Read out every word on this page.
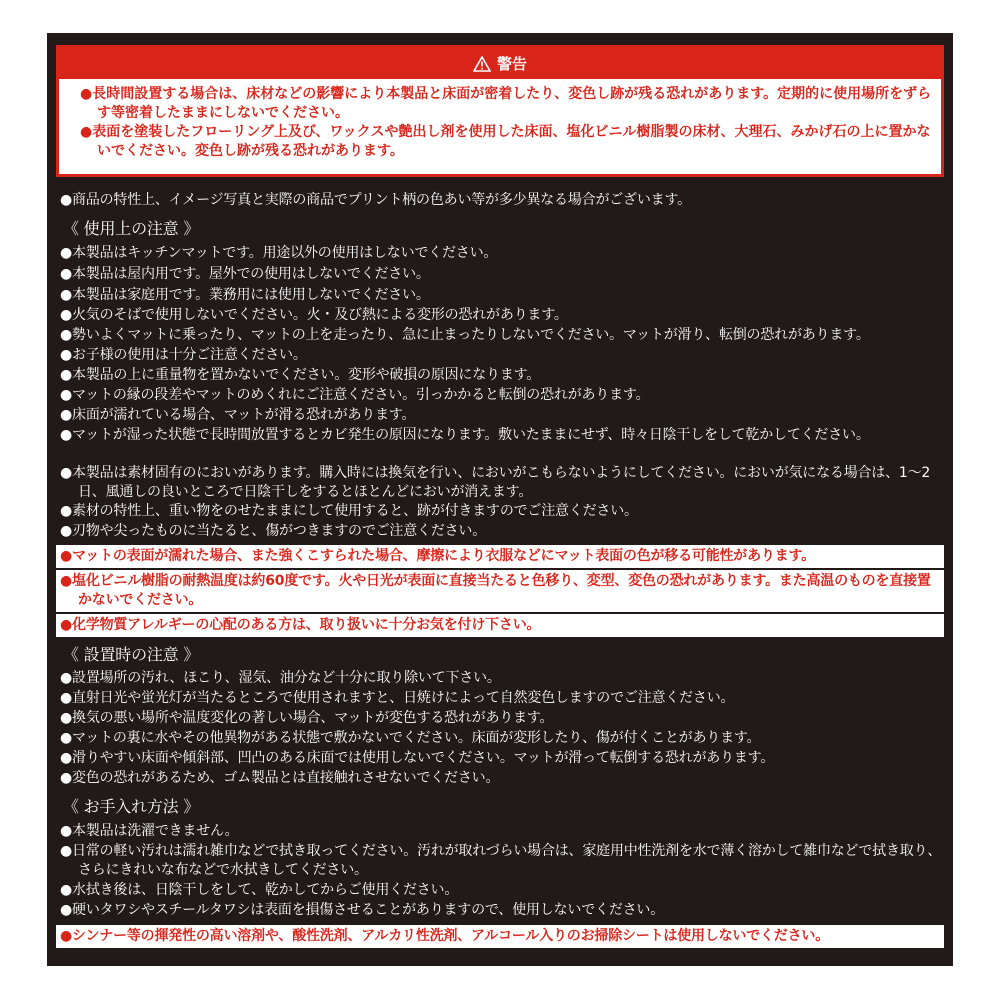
警告

●長時間設置する場合は、床材などの影響により本製品と床面が密着したり、変色し跡が残る恐れがあります。定期的に使用場所をずらす等密着したままにしないでください。

●表面を塗装したフローリング上及び、ワックスや艶出し剤を使用した床面、塩化ビニル樹脂製の床材、大理石、みかげ石の上に置かないでください。変色し跡が残る恐れがあります。

●商品の特性上、イメージ写真と実際の商品でプリント柄の色あい等が多少異なる場合がございます。
《 使用上の注意 》
●本製品はキッチンマットです。用途以外の使用はしないでください。
●本製品は屋内用です。屋外での使用はしないでください。
●本製品は家庭用です。業務用には使用しないでください。
●火気のそばで使用しないでください。火・及び熱による変形の恐れがあります。
●勢いよくマットに乗ったり、マットの上を走ったり、急に止まったりしないでください。マットが滑り、転倒の恐れがあります。
●お子様の使用は十分ご注意ください。
●本製品の上に重量物を置かないでください。変形や破損の原因になります。
●マットの縁の段差やマットのめくれにご注意ください。引っかかると転倒の恐れがあります。
●床面が濡れている場合、マットが滑る恐れがあります。
●マットが湿った状態で長時間放置するとカビ発生の原因になります。敷いたままにせず、時々日陰干しをして乾かしてください。
●本製品は素材固有のにおいがあります。購入時には換気を行い、においがこもらないようにしてください。においが気になる場合は、1〜2日、風通しの良いところで日陰干しをするとほとんどにおいが消えます。
●素材の特性上、重い物をのせたままにして使用すると、跡が付きますのでご注意ください。
●刃物や尖ったものに当たると、傷がつきますのでご注意ください。
●マットの表面が濡れた場合、また強くこすられた場合、摩擦により衣服などにマット表面の色が移る可能性があります。
●塩化ビニル樹脂の耐熱温度は約60度です。火や日光が表面に直接当たると色移り、変型、変色の恐れがあります。また高温のものを直接置かないでください。
●化学物質アレルギーの心配のある方は、取り扱いに十分お気を付け下さい。
《 設置時の注意 》
●設置場所の汚れ、ほこり、湿気、油分など十分に取り除いて下さい。
●直射日光や蛍光灯が当たるところで使用されますと、日焼けによって自然変色しますのでご注意ください。
●換気の悪い場所や温度変化の著しい場合、マットが変色する恐れがあります。
●マットの裏に水やその他異物がある状態で敷かないでください。床面が変形したり、傷が付くことがあります。
●滑りやすい床面や傾斜部、凹凸のある床面では使用しないでください。マットが滑って転倒する恐れがあります。
●変色の恐れがあるため、ゴム製品とは直接触れさせないでください。
《 お手入れ方法 》
●本製品は洗濯できません。
●日常の軽い汚れは濡れ雑巾などで拭き取ってください。汚れが取れづらい場合は、家庭用中性洗剤を水で薄く溶かして雑巾などで拭き取り、さらにきれいな布などで水拭きしてください。
●水拭き後は、日陰干しをして、乾かしてからご使用ください。
●硬いタワシやスチールタワシは表面を損傷させることがありますので、使用しないでください。
●シンナー等の揮発性の高い溶剤や、酸性洗剤、アルカリ性洗剤、アルコール入りのお掃除シートは使用しないでください。
